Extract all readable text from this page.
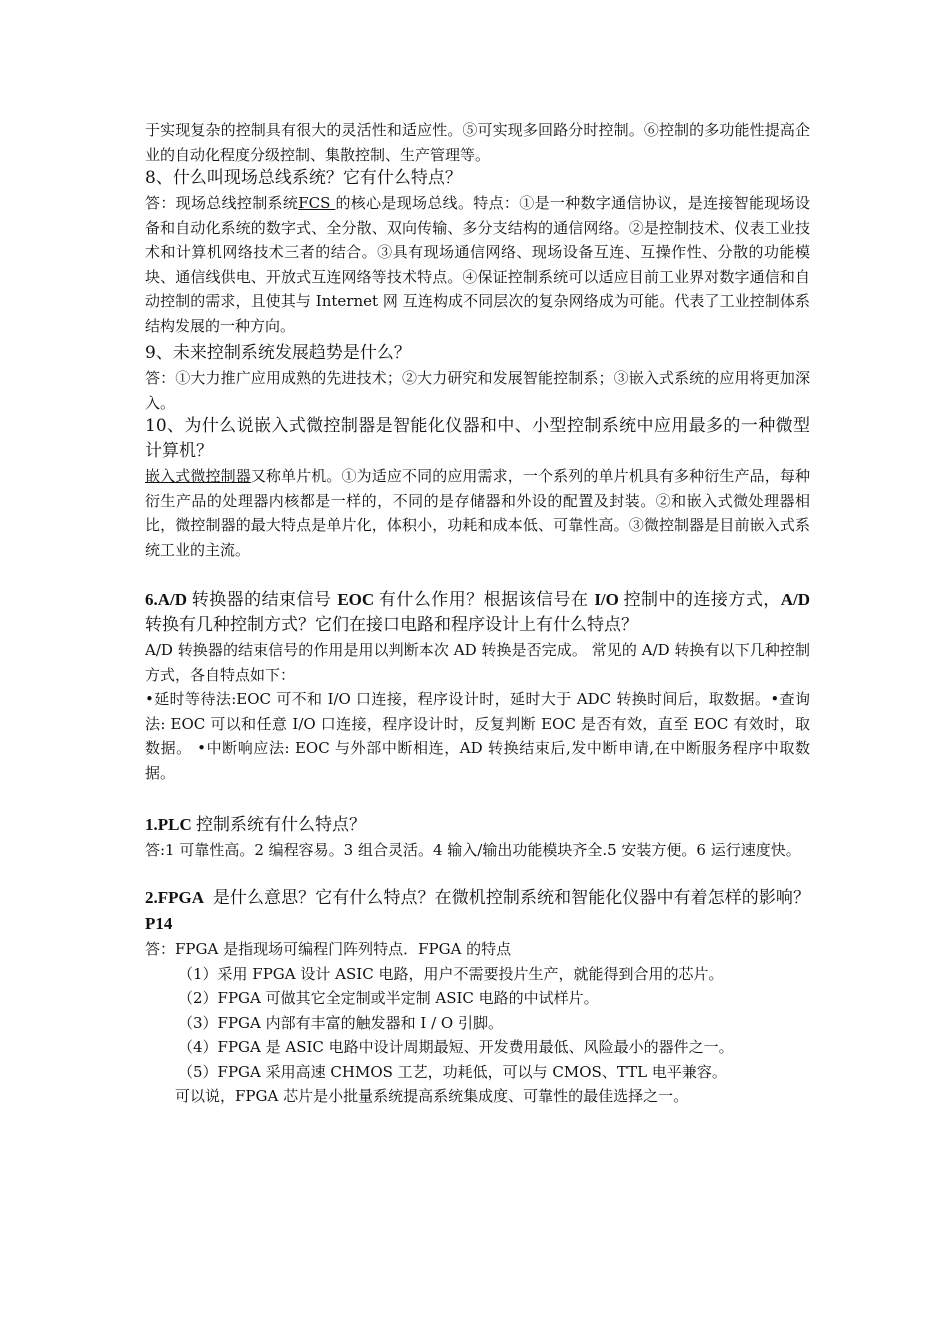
于实现复杂的控制具有很大的灵活性和适应性。⑤可实现多回路分时控制。⑥控制的多功能性提高企业的自动化程度分级控制、集散控制、生产管理等。

8、什么叫现场总线系统？它有什么特点？

答：现场总线控制系统FCS 的核心是现场总线。特点：①是一种数字通信协议，是连接智能现场设备和自动化系统的数字式、全分散、双向传输、多分支结构的通信网络。②是控制技术、仪表工业技术和计算机网络技术三者的结合。③具有现场通信网络、现场设备互连、互操作性、分散的功能模块、通信线供电、开放式互连网络等技术特点。④保证控制系统可以适应目前工业界对数字通信和自动控制的需求，且使其与 Internet 网 互连构成不同层次的复杂网络成为可能。代表了工业控制体系结构发展的一种方向。

9、未来控制系统发展趋势是什么？

答：①大力推广应用成熟的先进技术；②大力研究和发展智能控制系；③嵌入式系统的应用将更加深入。

10、为什么说嵌入式微控制器是智能化仪器和中、小型控制系统中应用最多的一种微型计算机？

嵌入式微控制器又称单片机。①为适应不同的应用需求，一个系列的单片机具有多种衍生产品，每种衍生产品的处理器内核都是一样的，不同的是存储器和外设的配置及封装。②和嵌入式微处理器相比，微控制器的最大特点是单片化，体积小，功耗和成本低、可靠性高。③微控制器是目前嵌入式系统工业的主流。

6.A/D 转换器的结束信号 EOC 有什么作用？根据该信号在 I/O 控制中的连接方式，A/D 转换有几种控制方式？它们在接口电路和程序设计上有什么特点？

A/D 转换器的结束信号的作用是用以判断本次 AD 转换是否完成。 常见的 A/D 转换有以下几种控制方式，各自特点如下：

•延时等待法:EOC 可不和 I/O 口连接，程序设计时，延时大于 ADC 转换时间后，取数据。•查询法: EOC 可以和任意 I/O 口连接，程序设计时，反复判断 EOC 是否有效，直至 EOC 有效时，取数据。 •中断响应法: EOC 与外部中断相连，AD 转换结束后,发中断申请,在中断服务程序中取数据。

1.PLC 控制系统有什么特点？

答:1 可靠性高。2 编程容易。3 组合灵活。4 输入/输出功能模块齐全.5 安装方便。6 运行速度快。

2.FPGA  是什么意思？它有什么特点？在微机控制系统和智能化仪器中有着怎样的影响？P14

答：FPGA 是指现场可编程门阵列特点．FPGA 的特点

（1）采用 FPGA 设计 ASIC 电路，用户不需要投片生产，就能得到合用的芯片。

（2）FPGA 可做其它全定制或半定制 ASIC 电路的中试样片。

（3）FPGA 内部有丰富的触发器和 I / O 引脚。

（4）FPGA 是 ASIC 电路中设计周期最短、开发费用最低、风险最小的器件之一。

（5）FPGA 采用高速 CHMOS 工艺，功耗低，可以与 CMOS、TTL 电平兼容。

可以说，FPGA 芯片是小批量系统提高系统集成度、可靠性的最佳选择之一。
